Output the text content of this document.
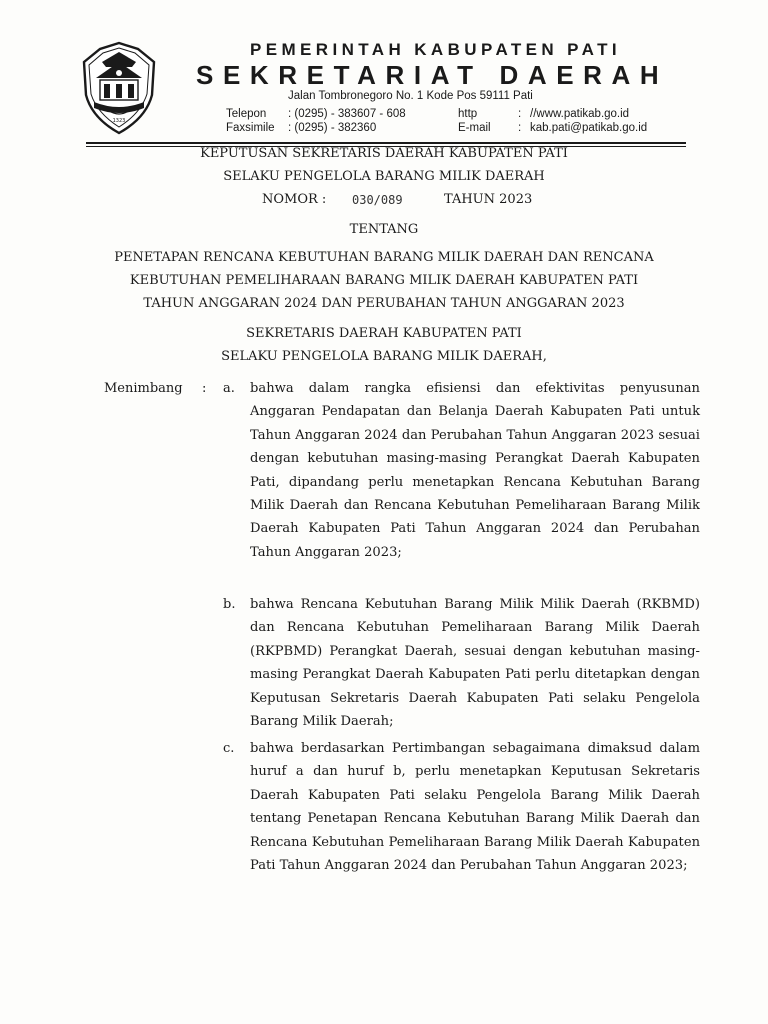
1323
PEMERINTAH KABUPATEN PATI
SEKRETARIAT DAERAH
Jalan Tombronegoro No. 1 Kode Pos 59111 Pati
Telepon
Faxsimile
: (0295) - 383607 - 608
: (0295) - 382360
http
E-mail
:
:
//www.patikab.go.id
kab.pati@patikab.go.id
KEPUTUSAN SEKRETARIS DAERAH KABUPATEN PATI
SELAKU PENGELOLA BARANG MILIK DAERAH
NOMOR : 030/089	TAHUN 2023
TENTANG
PENETAPAN RENCANA KEBUTUHAN BARANG MILIK DAERAH DAN RENCANA
KEBUTUHAN PEMELIHARAAN BARANG MILIK DAERAH KABUPATEN PATI
TAHUN ANGGARAN 2024 DAN PERUBAHAN TAHUN ANGGARAN 2023
SEKRETARIS DAERAH KABUPATEN PATI
SELAKU PENGELOLA BARANG MILIK DAERAH,
Menimbang : a. bahwa dalam rangka efisiensi dan efektivitas penyusunan Anggaran Pendapatan dan Belanja Daerah Kabupaten Pati untuk Tahun Anggaran 2024 dan Perubahan Tahun Anggaran 2023 sesuai dengan kebutuhan masing-masing Perangkat Daerah Kabupaten Pati, dipandang perlu menetapkan Rencana Kebutuhan Barang Milik Daerah dan Rencana Kebutuhan Pemeliharaan Barang Milik Daerah Kabupaten Pati Tahun Anggaran 2024 dan Perubahan Tahun Anggaran 2023;
b. bahwa Rencana Kebutuhan Barang Milik Milik Daerah (RKBMD) dan Rencana Kebutuhan Pemeliharaan Barang Milik Daerah (RKPBMD) Perangkat Daerah, sesuai dengan kebutuhan masing-masing Perangkat Daerah Kabupaten Pati perlu ditetapkan dengan Keputusan Sekretaris Daerah Kabupaten Pati selaku Pengelola Barang Milik Daerah;
c. bahwa berdasarkan Pertimbangan sebagaimana dimaksud dalam huruf a dan huruf b, perlu menetapkan Keputusan Sekretaris Daerah Kabupaten Pati selaku Pengelola Barang Milik Daerah tentang Penetapan Rencana Kebutuhan Barang Milik Daerah dan Rencana Kebutuhan Pemeliharaan Barang Milik Daerah Kabupaten Pati Tahun Anggaran 2024 dan Perubahan Tahun Anggaran 2023;
